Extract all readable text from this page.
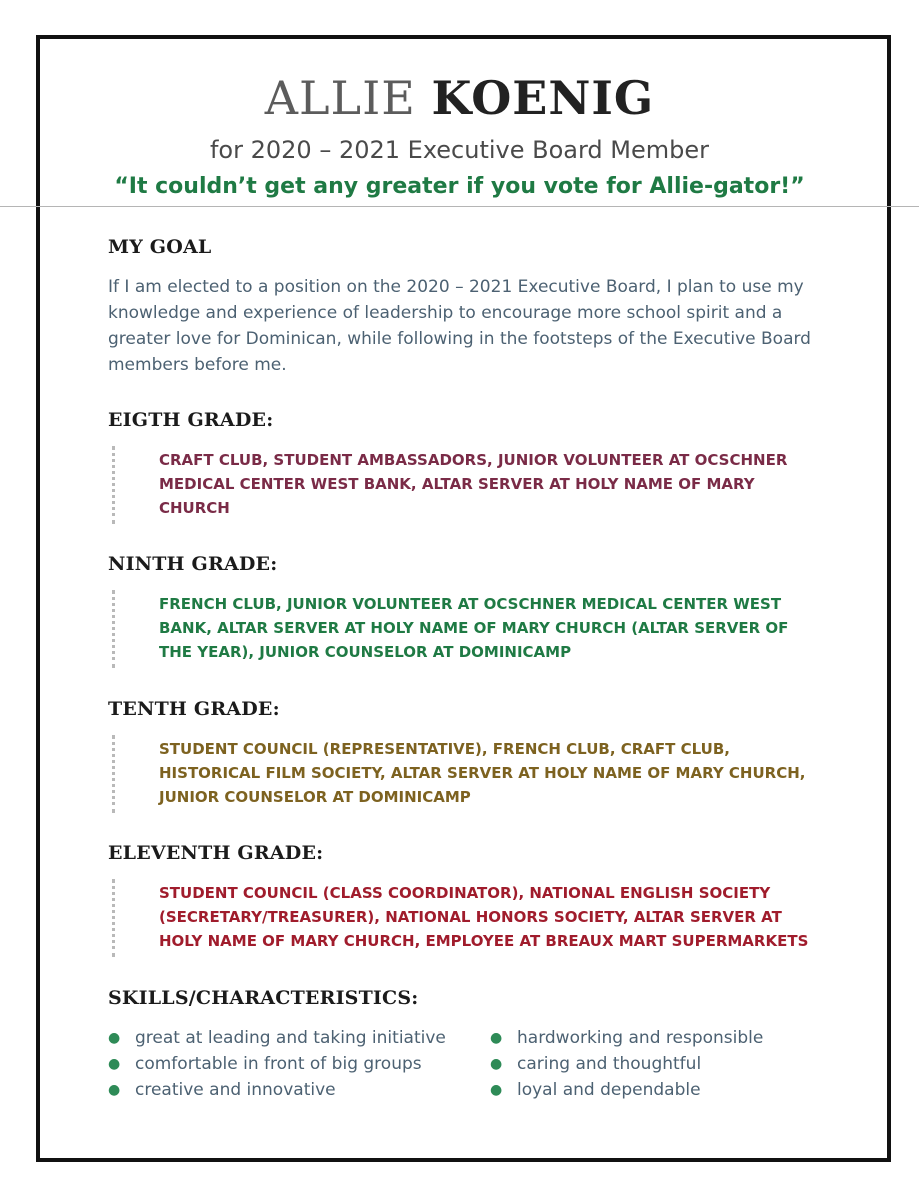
ALLIE KOENIG
for 2020 – 2021 Executive Board Member
“It couldn’t get any greater if you vote for Allie-gator!”
MY GOAL
If I am elected to a position on the 2020 – 2021 Executive Board, I plan to use my knowledge and experience of leadership to encourage more school spirit and a greater love for Dominican, while following in the footsteps of the Executive Board members before me.
EIGTH GRADE:
CRAFT CLUB, STUDENT AMBASSADORS, JUNIOR VOLUNTEER AT OCSCHNER MEDICAL CENTER WEST BANK, ALTAR SERVER AT HOLY NAME OF MARY CHURCH
NINTH GRADE:
FRENCH CLUB, JUNIOR VOLUNTEER AT OCSCHNER MEDICAL CENTER WEST BANK, ALTAR SERVER AT HOLY NAME OF MARY CHURCH (ALTAR SERVER OF THE YEAR), JUNIOR COUNSELOR AT DOMINICAMP
TENTH GRADE:
STUDENT COUNCIL (REPRESENTATIVE), FRENCH CLUB, CRAFT CLUB, HISTORICAL FILM SOCIETY, ALTAR SERVER AT HOLY NAME OF MARY CHURCH, JUNIOR COUNSELOR AT DOMINICAMP
ELEVENTH GRADE:
STUDENT COUNCIL (CLASS COORDINATOR), NATIONAL ENGLISH SOCIETY (SECRETARY/TREASURER), NATIONAL HONORS SOCIETY, ALTAR SERVER AT HOLY NAME OF MARY CHURCH, EMPLOYEE AT BREAUX MART SUPERMARKETS
SKILLS/CHARACTERISTICS:
● great at leading and taking initiative
● comfortable in front of big groups
● creative and innovative
● hardworking and responsible
● caring and thoughtful
● loyal and dependable
